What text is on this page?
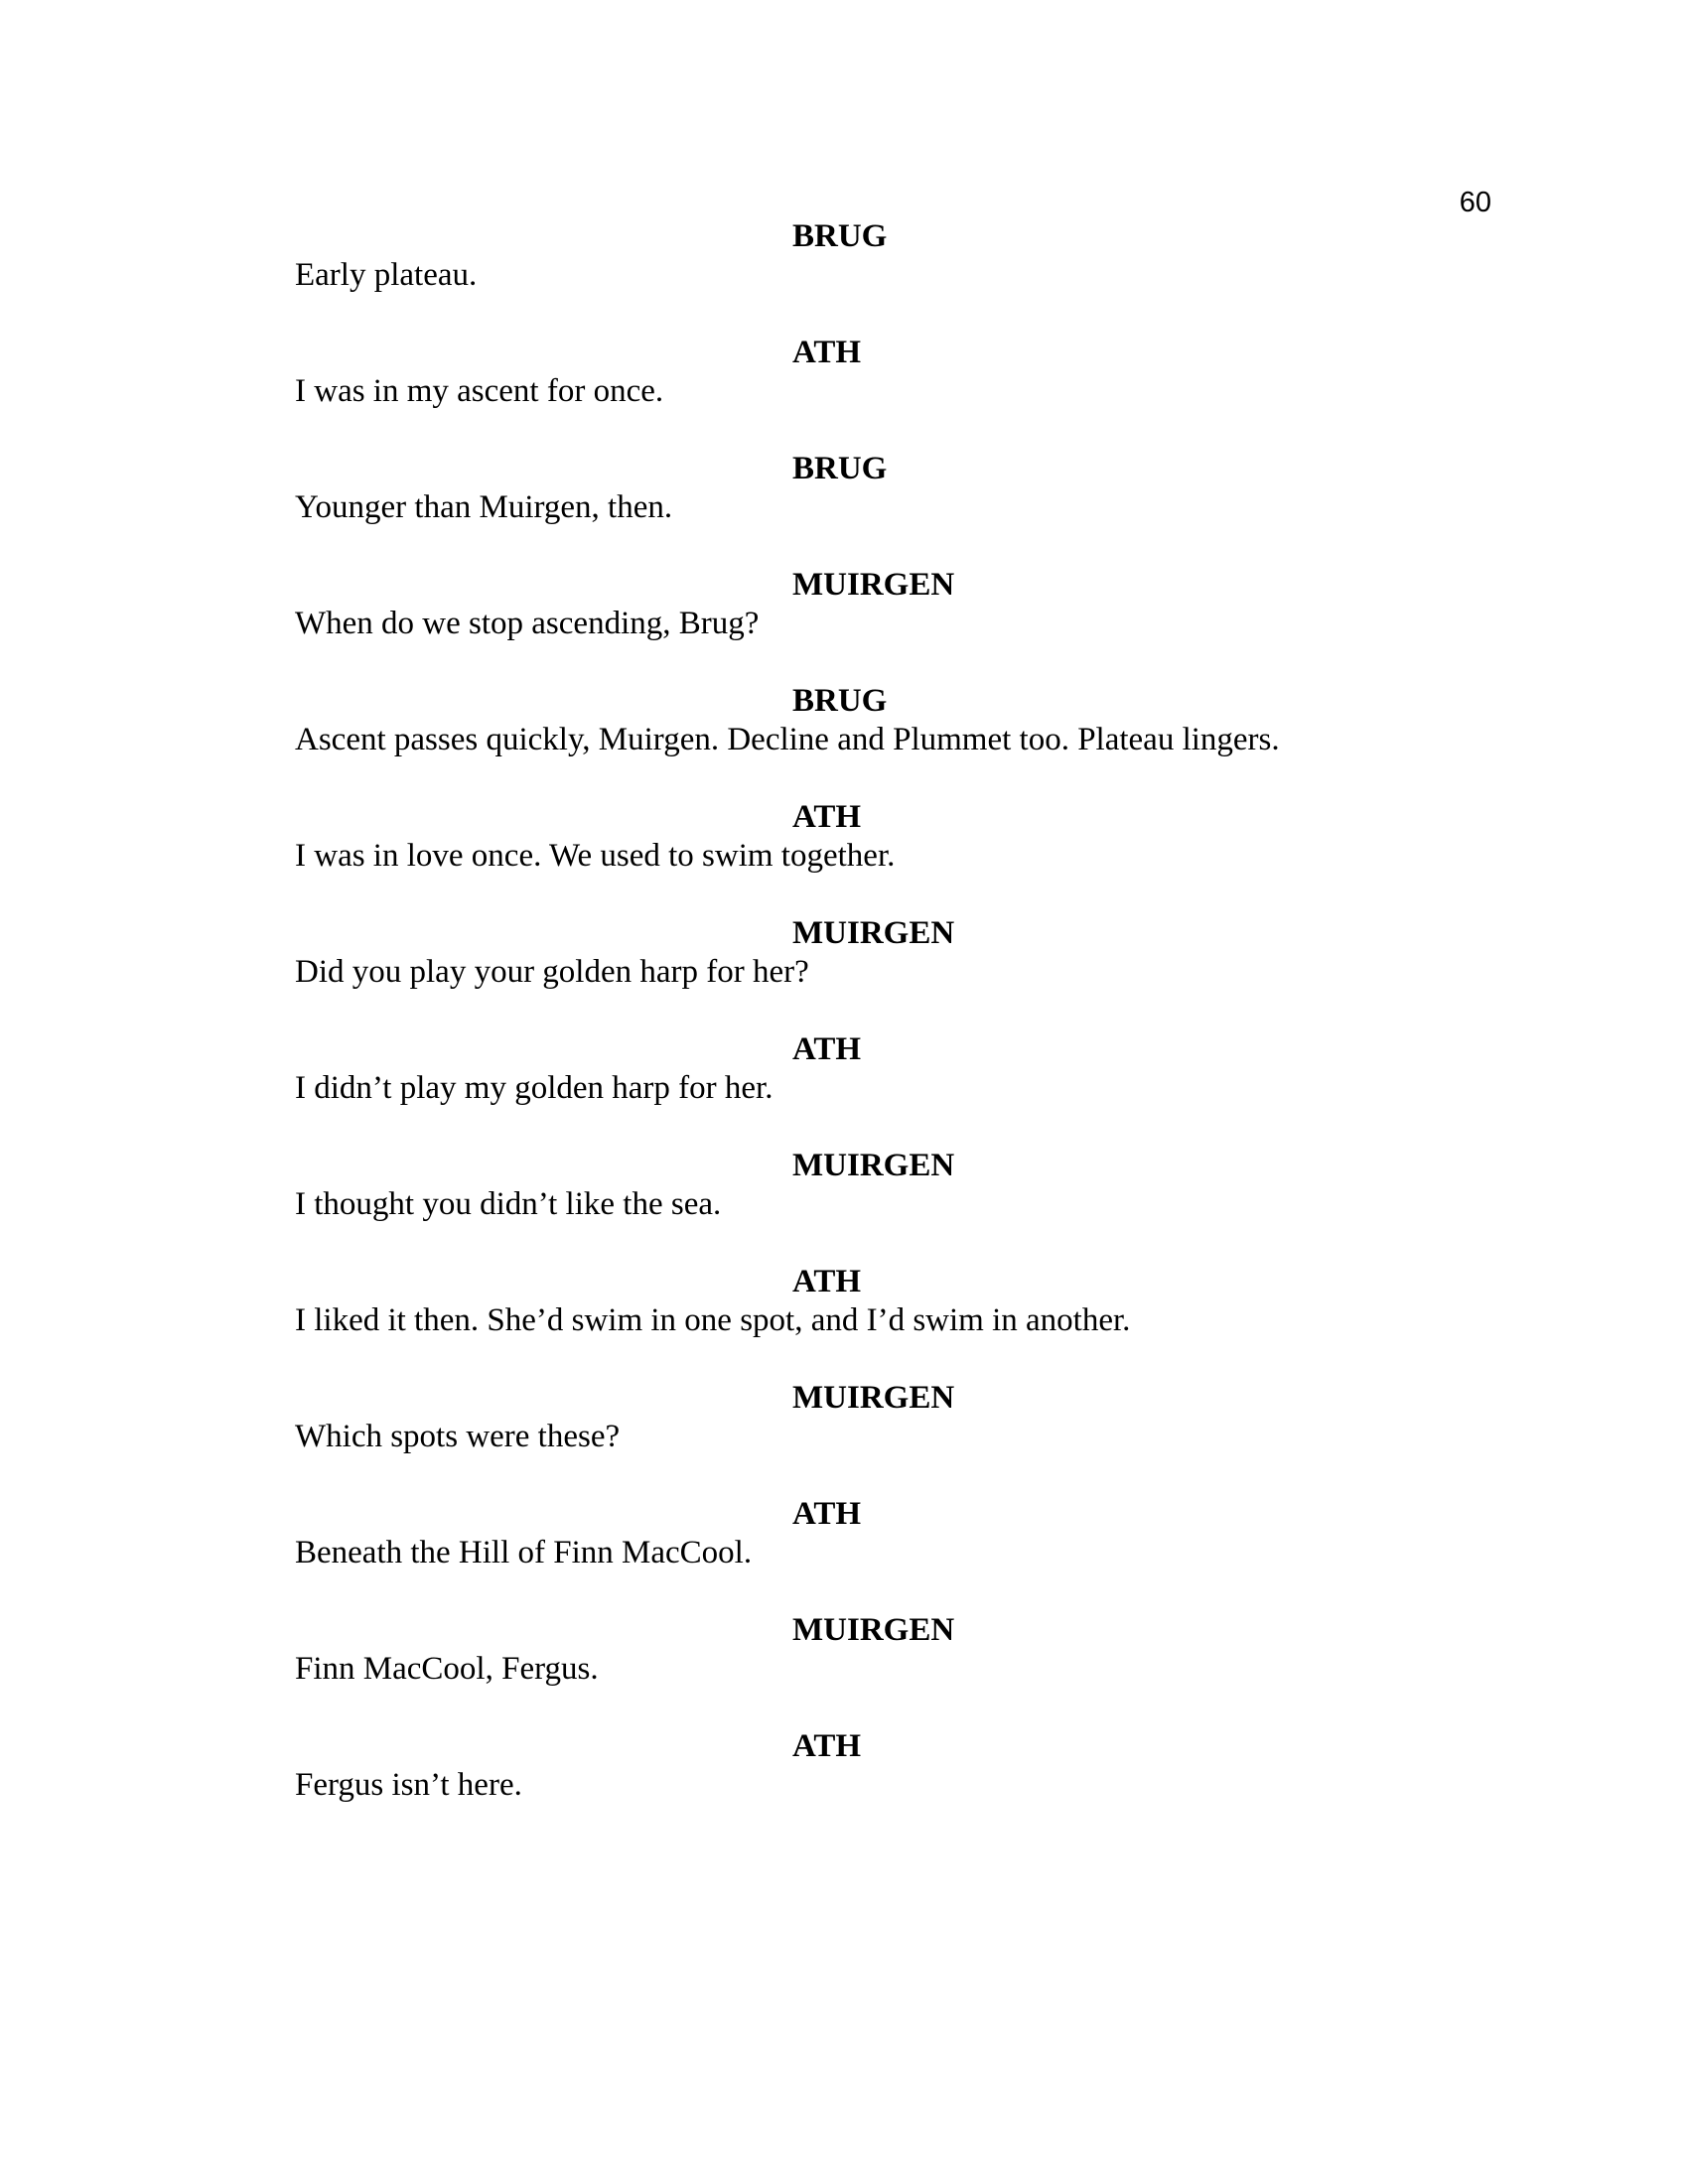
60
BRUG
Early plateau.
ATH
I was in my ascent for once.
BRUG
Younger than Muirgen, then.
MUIRGEN
When do we stop ascending, Brug?
BRUG
Ascent passes quickly, Muirgen. Decline and Plummet too. Plateau lingers.
ATH
I was in love once. We used to swim together.
MUIRGEN
Did you play your golden harp for her?
ATH
I didn’t play my golden harp for her.
MUIRGEN
I thought you didn’t like the sea.
ATH
I liked it then. She’d swim in one spot, and I’d swim in another.
MUIRGEN
Which spots were these?
ATH
Beneath the Hill of Finn MacCool.
MUIRGEN
Finn MacCool, Fergus.
ATH
Fergus isn’t here.
